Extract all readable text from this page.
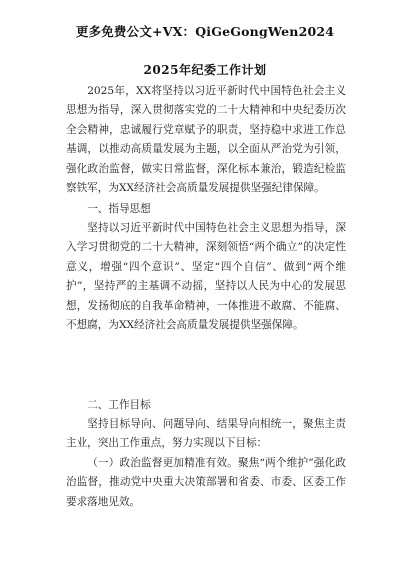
更多免费公文+VX：QiGeGongWen2024
2025年纪委工作计划

2025年，XX将坚持以习近平新时代中国特色社会主义思想为指导，深入贯彻落实党的二十大精神和中央纪委历次全会精神，忠诚履行党章赋予的职责，坚持稳中求进工作总基调，以推动高质量发展为主题，以全面从严治党为引领，强化政治监督，做实日常监督，深化标本兼治，锻造纪检监察铁军，为XX经济社会高质量发展提供坚强纪律保障。

一、指导思想

坚持以习近平新时代中国特色社会主义思想为指导，深入学习贯彻党的二十大精神，深刻领悟“两个确立”的决定性意义，增强“四个意识”、坚定“四个自信”、做到“两个维护”，坚持严的主基调不动摇，坚持以人民为中心的发展思想，发扬彻底的自我革命精神，一体推进不敢腐、不能腐、不想腐，为XX经济社会高质量发展提供坚强保障。

二、工作目标

坚持目标导向、问题导向、结果导向相统一，聚焦主责主业，突出工作重点，努力实现以下目标：

（一）政治监督更加精准有效。聚焦“两个维护”强化政治监督，推动党中央重大决策部署和省委、市委、区委工作要求落地见效。
